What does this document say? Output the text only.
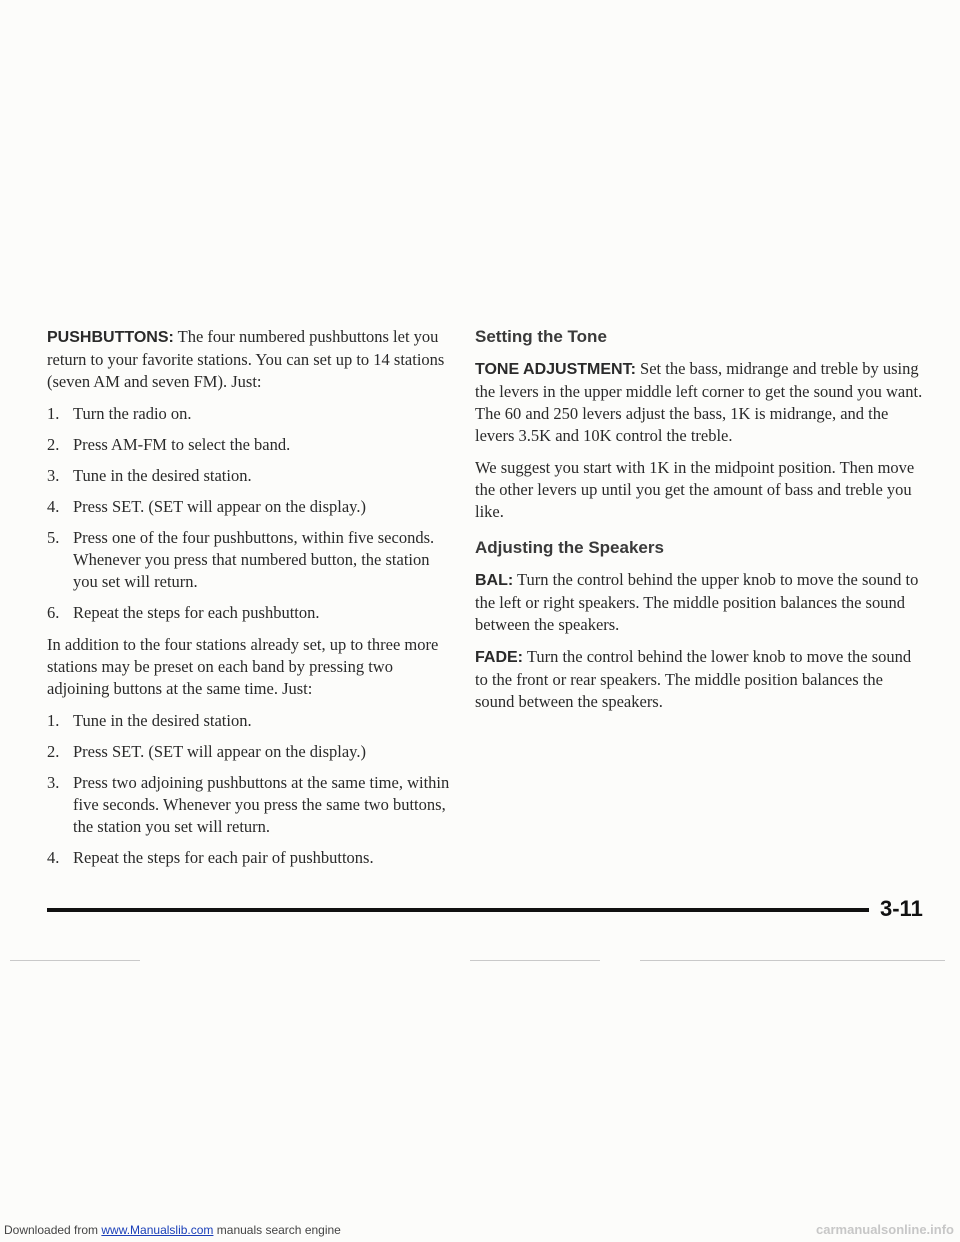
PUSHBUTTONS: The four numbered pushbuttons let you return to your favorite stations. You can set up to 14 stations (seven AM and seven FM). Just:

1. Turn the radio on.
2. Press AM-FM to select the band.
3. Tune in the desired station.
4. Press SET. (SET will appear on the display.)
5. Press one of the four pushbuttons, within five seconds. Whenever you press that numbered button, the station you set will return.
6. Repeat the steps for each pushbutton.

In addition to the four stations already set, up to three more stations may be preset on each band by pressing two adjoining buttons at the same time. Just:

1. Tune in the desired station.
2. Press SET. (SET will appear on the display.)
3. Press two adjoining pushbuttons at the same time, within five seconds. Whenever you press the same two buttons, the station you set will return.
4. Repeat the steps for each pair of pushbuttons.
Setting the Tone

TONE ADJUSTMENT: Set the bass, midrange and treble by using the levers in the upper middle left corner to get the sound you want. The 60 and 250 levers adjust the bass, 1K is midrange, and the levers 3.5K and 10K control the treble.

We suggest you start with 1K in the midpoint position. Then move the other levers up until you get the amount of bass and treble you like.

Adjusting the Speakers

BAL: Turn the control behind the upper knob to move the sound to the left or right speakers. The middle position balances the sound between the speakers.

FADE: Turn the control behind the lower knob to move the sound to the front or rear speakers. The middle position balances the sound between the speakers.

3-11
Downloaded from www.Manualslib.com manuals search engine	carmanualsonline.info
